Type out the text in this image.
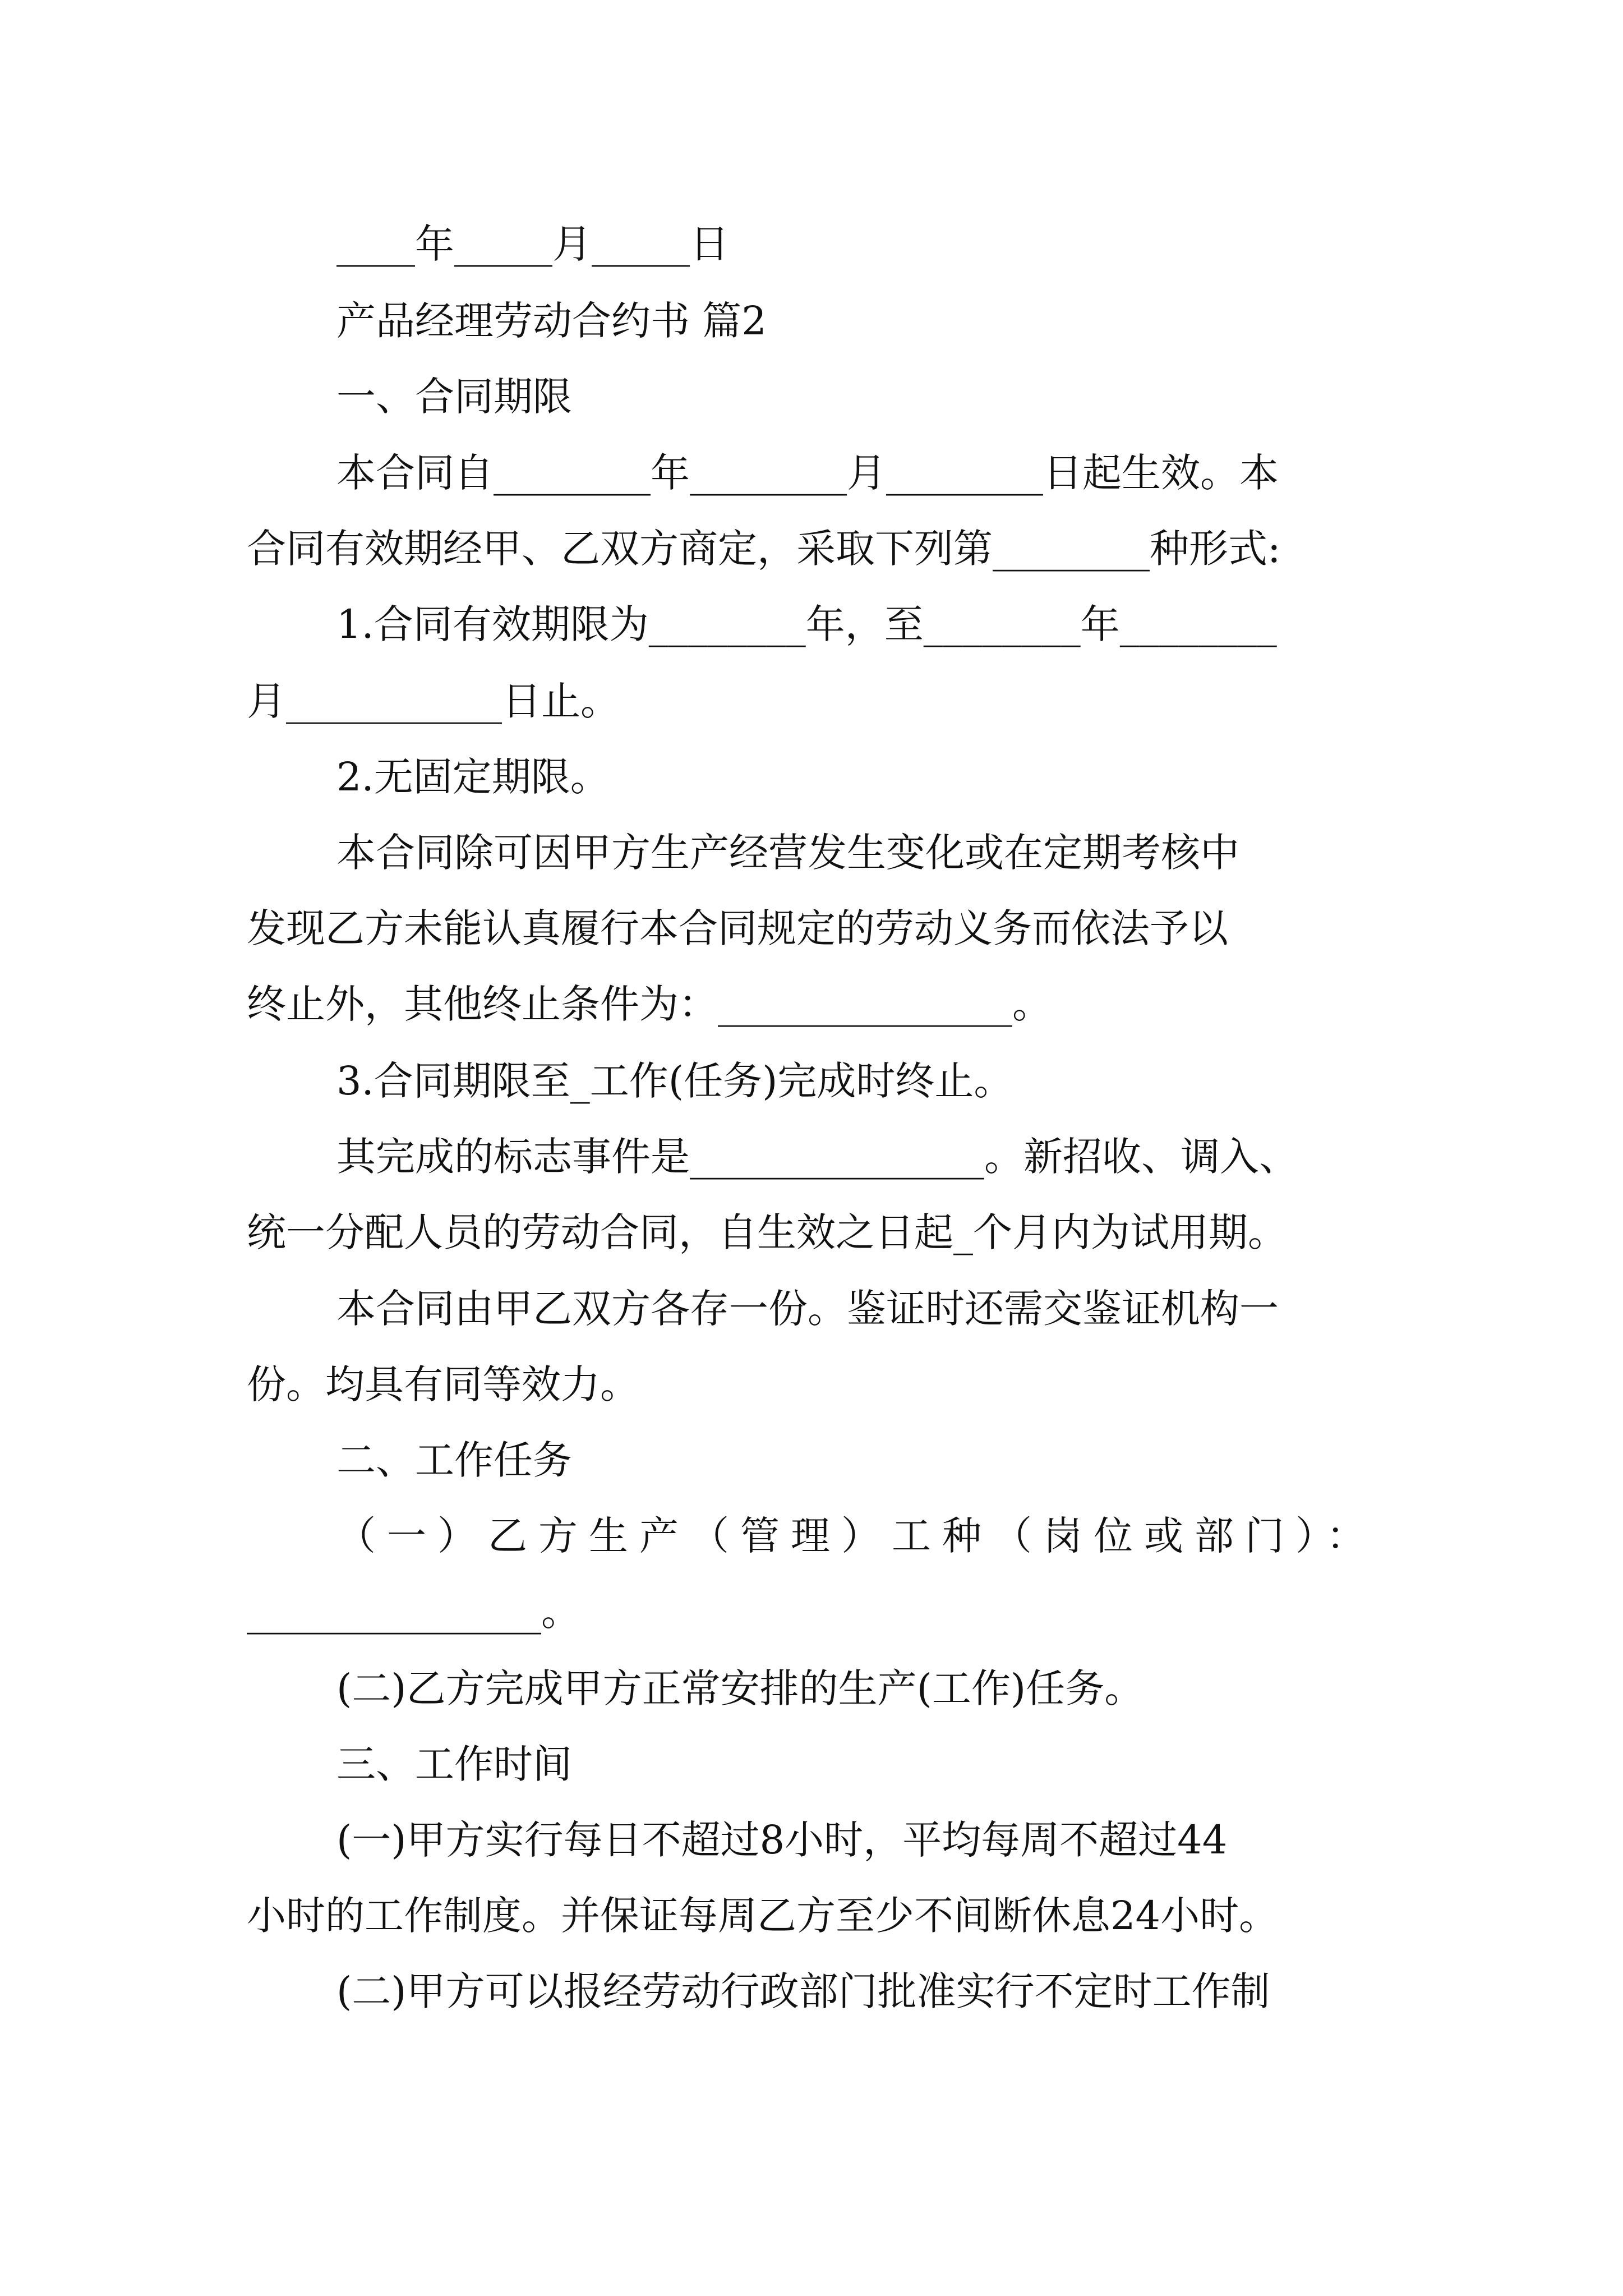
____年_____月_____日
产品经理劳动合约书 篇2
一、合同期限
本合同自________年________月________日起生效。本
合同有效期经甲、乙双方商定，采取下列第________种形式:
1.合同有效期限为________年，至________年________
月___________日止。
2.无固定期限。
本合同除可因甲方生产经营发生变化或在定期考核中
发现乙方未能认真履行本合同规定的劳动义务而依法予以
终止外，其他终止条件为：_______________。
3.合同期限至_工作(任务)完成时终止。
其完成的标志事件是_______________。新招收、调入、
统一分配人员的劳动合同，自生效之日起_个月内为试用期。
本合同由甲乙双方各存一份。鉴证时还需交鉴证机构一
份。均具有同等效力。
二、工作任务
（一）乙方生产（管理）工种（岗位或部门）：
_______________。
(二)乙方完成甲方正常安排的生产(工作)任务。
三、工作时间
(一)甲方实行每日不超过8小时，平均每周不超过44
小时的工作制度。并保证每周乙方至少不间断休息24小时。
(二)甲方可以报经劳动行政部门批准实行不定时工作制
